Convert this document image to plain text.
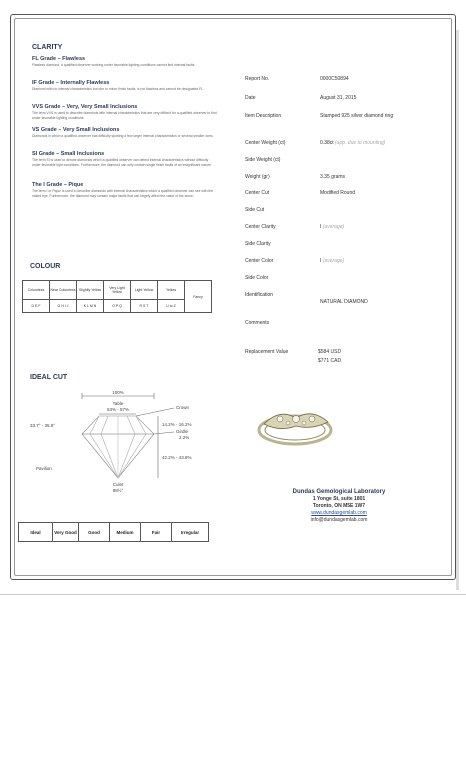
CLARITY
FL Grade – Flawless
Flawless diamond, a qualified observer working under favorable lighting conditions cannot find internal faults.
IF Grade – Internally Flawless
Diamond with no internal characteristics but due to minor finish faults, is not flawless and cannot be designated FL.
VVS Grade – Very, Very Small Inclusions
The term VVS is used to describe diamonds with internal characteristics that are very difficult for a qualified observer to find under favorable lighting conditions.
VS Grade – Very Small Inclusions
Diamonds in which a qualified observer has difficulty spotting a few larger internal characteristics or several smaller ones.
SI Grade – Small Inclusions
The term SI is used to denote diamonds which a qualified observer can detect internal characteristics without difficulty under favorable light conditions. Furthermore, the diamond can only contain single finish faults of an insignificant nature.
The I Grade – Pique
The term I or Pique is used to describe diamonds with internal characteristics which a qualified observer can see with the naked eye. Furthermore, the diamond may contain major faults that can largely affect the value of the stone.
COLOUR
Colourless	Near Colourless	Slightly Yellow	Very Light Yellow	Light Yellow	Yellow	Fancy
D E F	G H I J	K L M N	O P Q	R S T	U to Z	
IDEAL CUT
100%
Table
53% - 57%	Crown
33.7° - 35.8°	14.2% - 16.2%
Girdle
2.2%
42.2% - 43.8%
Pavilion
Culet
98½°
Ideal	Very Good	Good	Medium	Fair	Irregular
Report No.	0000C50894
Date	August 31, 2015
Item Description	Stamped 925 silver diamond ring
Center Weight (ct)	0.38ct (app. due to mounting)
Side Weight (ct)
Weight (gr)	3.35 grams
Center Cut	Modified Round
Side Cut
Center Clarity	I (average)
Side Clarity
Center Color	I (average)
Side Color
Identification
NATURAL DIAMOND
Comments
Replacement Value	$584 USD
$771 CAD
Dundas Gemological Laboratory
1 Yonge St, suite 1801
Toronto, ON M5E 1W7
www.dundasgemlab.com
info@dundasgemlab.com
